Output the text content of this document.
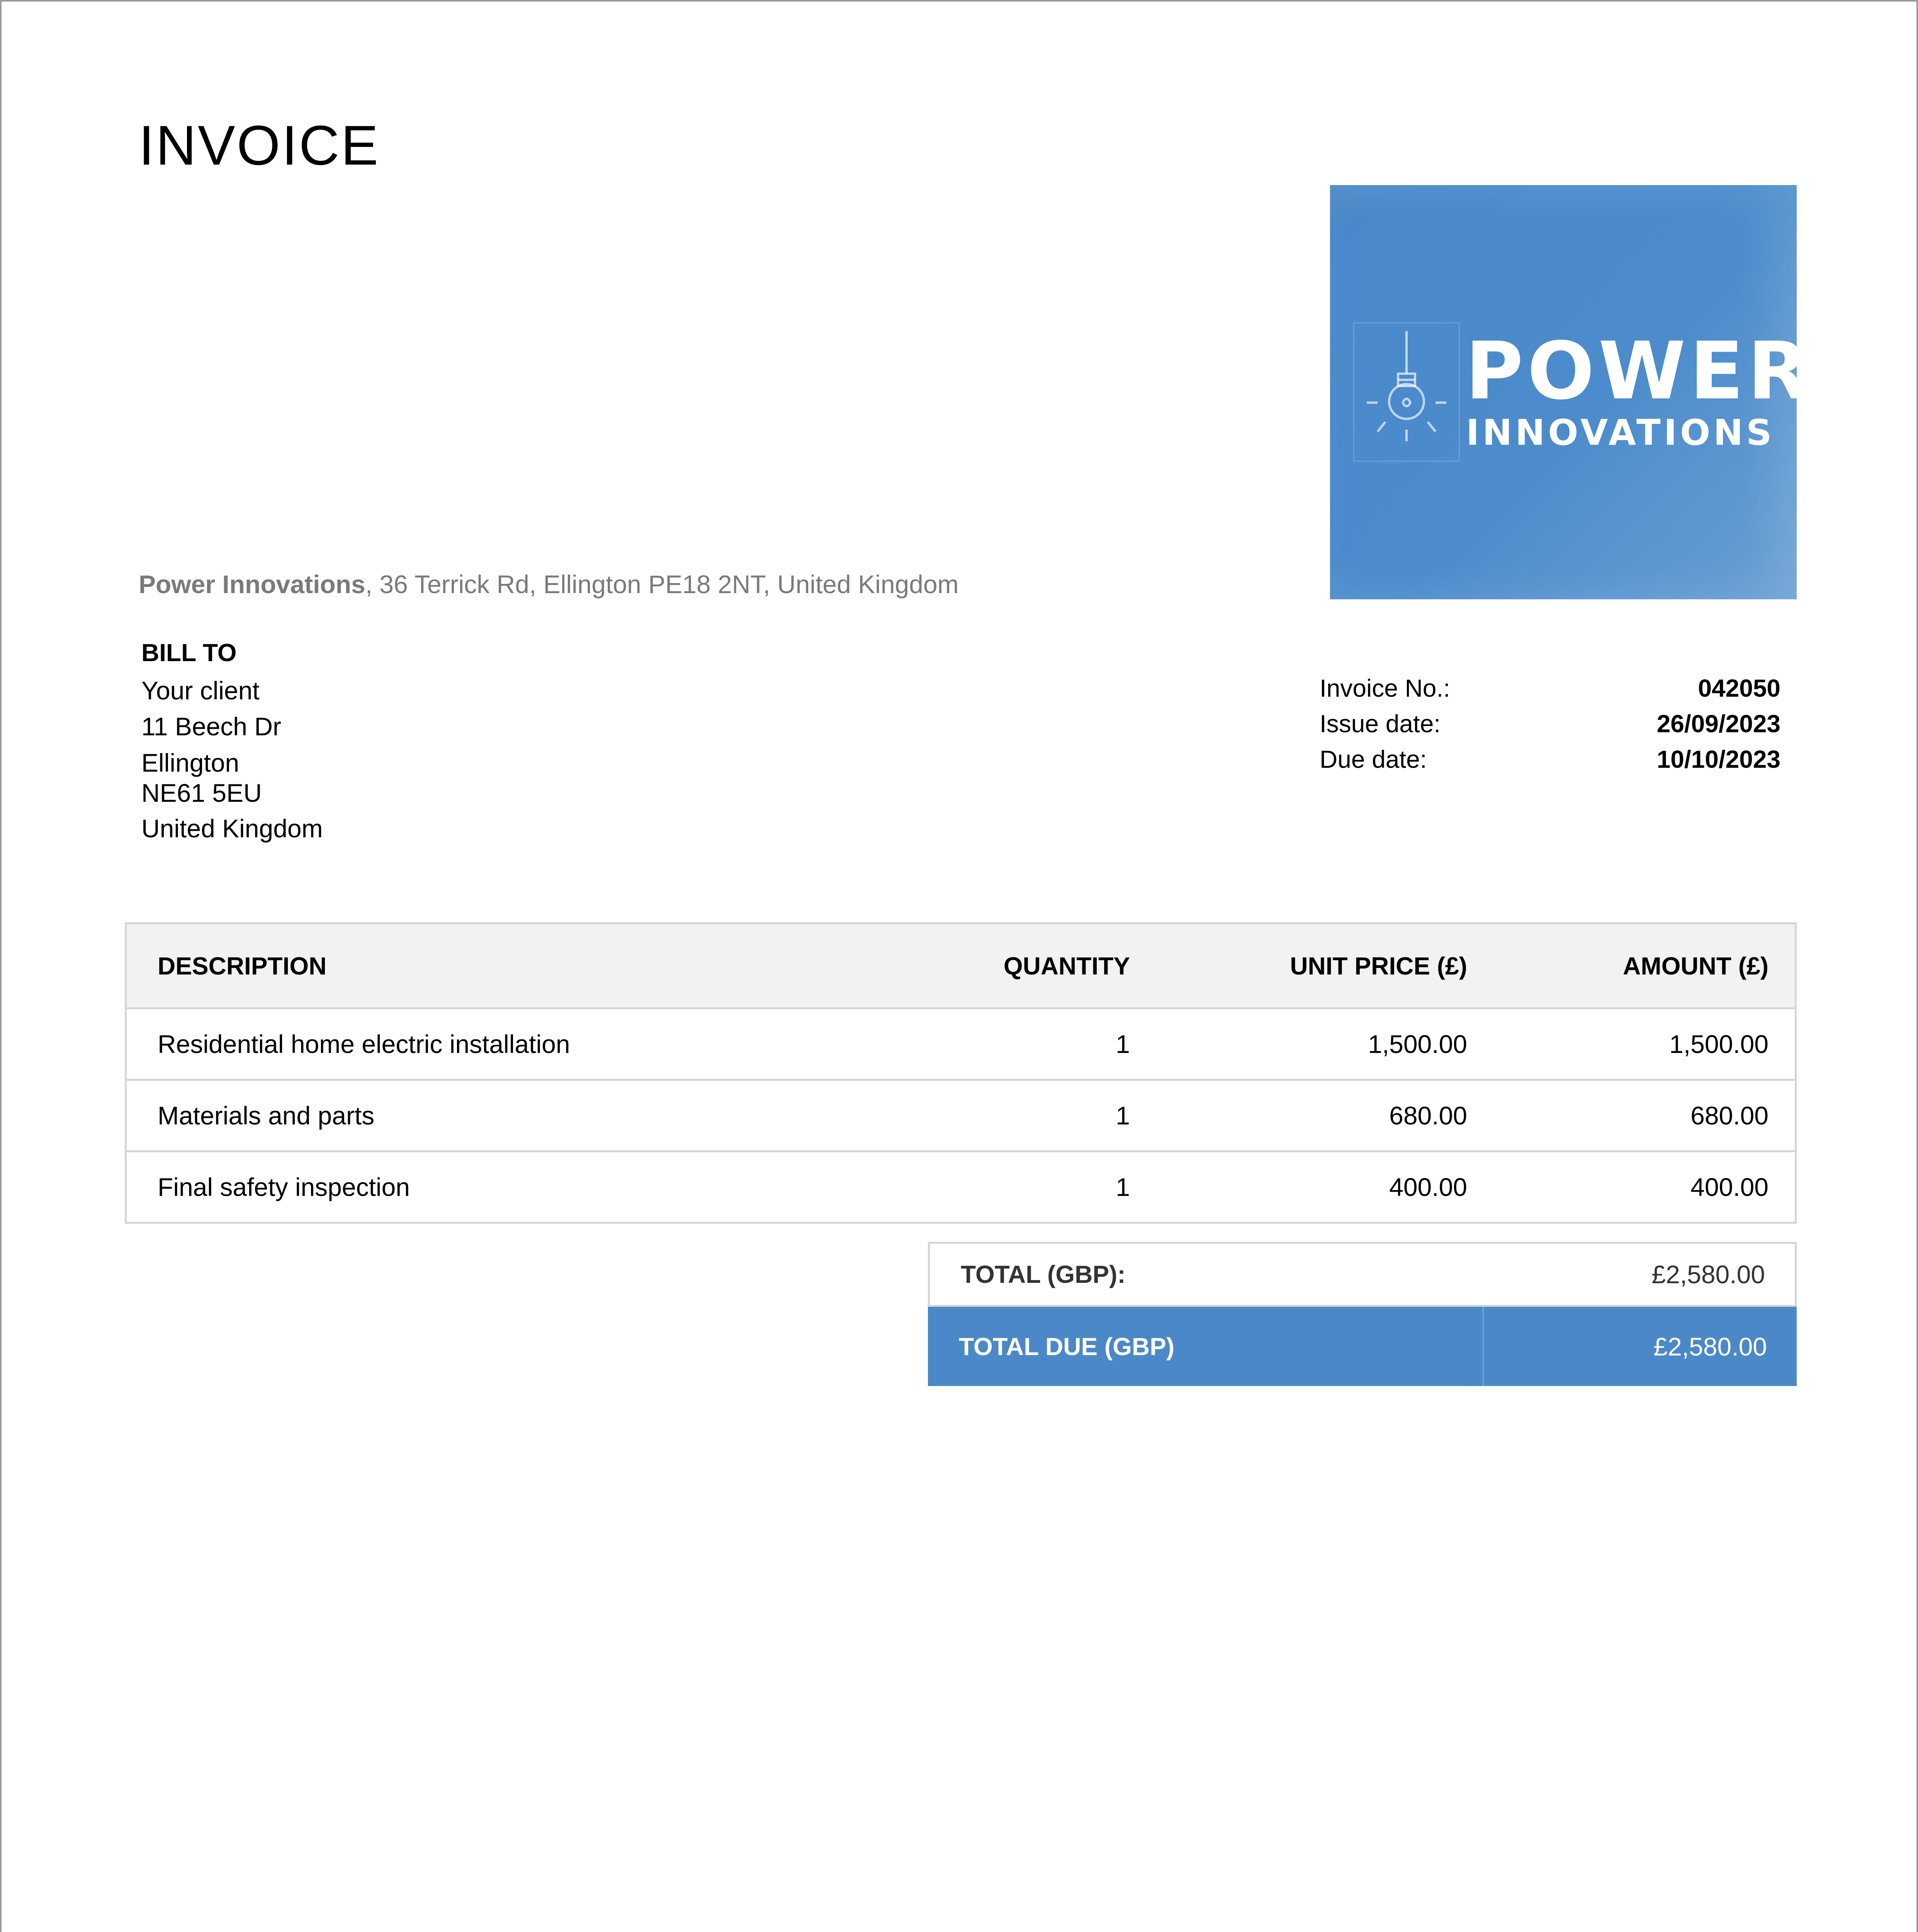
INVOICE
POWER
INNOVATIONS
Power Innovations, 36 Terrick Rd, Ellington PE18 2NT, United Kingdom
BILL TO
Your client
11 Beech Dr
Ellington
NE61 5EU
United Kingdom
Invoice No.:	042050
Issue date:	26/09/2023
Due date:	10/10/2023
DESCRIPTION	QUANTITY	UNIT PRICE (£)	AMOUNT (£)
Residential home electric installation	1	1,500.00	1,500.00
Materials and parts	1	680.00	680.00
Final safety inspection	1	400.00	400.00
TOTAL (GBP):	£2,580.00
TOTAL DUE (GBP)	£2,580.00
